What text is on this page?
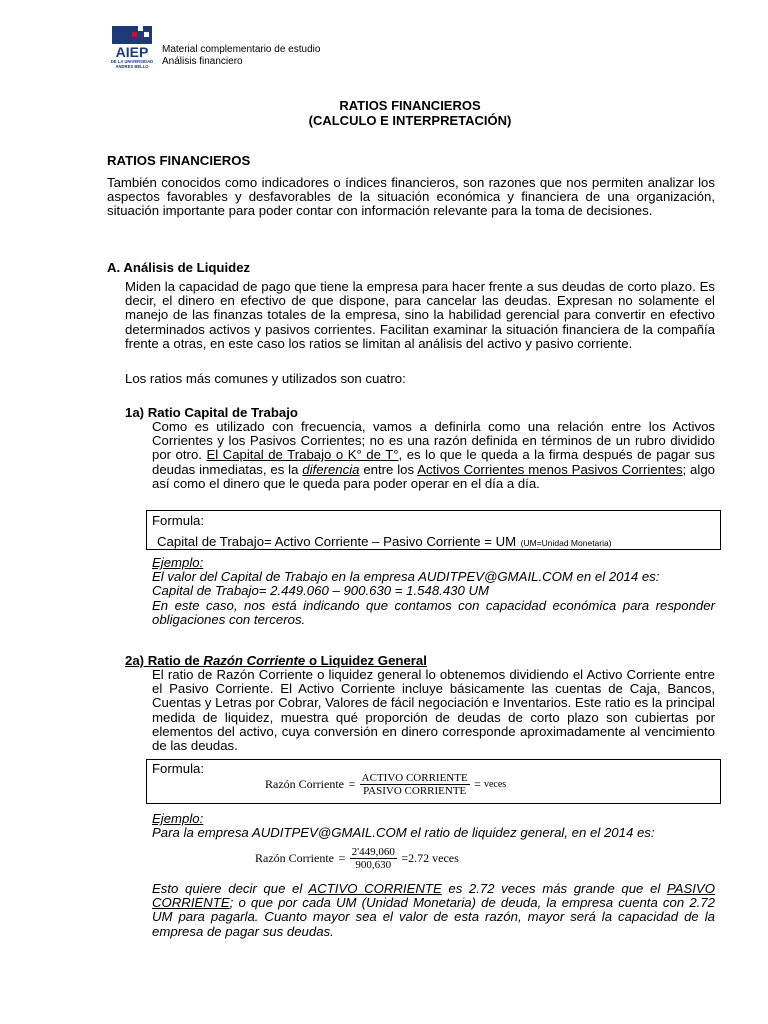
AIEP
DE LA UNIVERSIDAD ANDRES BELLO
Material complementario de estudio
Análisis financiero
RATIOS FINANCIEROS
(CALCULO E INTERPRETACIÓN)
RATIOS FINANCIEROS
También conocidos como indicadores o índices financieros, son razones que nos permiten analizar los aspectos favorables y desfavorables de la situación económica y financiera de una organización, situación importante para poder contar con información relevante para la toma de decisiones.
A. Análisis de Liquidez
Miden la capacidad de pago que tiene la empresa para hacer frente a sus deudas de corto plazo. Es decir, el dinero en efectivo de que dispone, para cancelar las deudas. Expresan no solamente el manejo de las finanzas totales de la empresa, sino la habilidad gerencial para convertir en efectivo determinados activos y pasivos corrientes. Facilitan examinar la situación financiera de la compañía frente a otras, en este caso los ratios se limitan al análisis del activo y pasivo corriente.
Los ratios más comunes y utilizados son cuatro:
1a) Ratio Capital de Trabajo
Como es utilizado con frecuencia, vamos a definirla como una relación entre los Activos Corrientes y los Pasivos Corrientes; no es una razón definida en términos de un rubro dividido por otro. El Capital de Trabajo o K° de T°, es lo que le queda a la firma después de pagar sus deudas inmediatas, es la diferencia entre los Activos Corrientes menos Pasivos Corrientes; algo así como el dinero que le queda para poder operar en el día a día.
Formula:
Capital de Trabajo= Activo Corriente – Pasivo Corriente = UM (UM=Unidad Monetaria)
Ejemplo:
El valor del Capital de Trabajo en la empresa AUDITPEV@GMAIL.COM en el 2014 es:
Capital de Trabajo= 2.449.060 – 900.630 = 1.548.430 UM
En este caso, nos está indicando que contamos con capacidad económica para responder obligaciones con terceros.
2a) Ratio de Razón Corriente o Liquidez General
El ratio de Razón Corriente o liquidez general lo obtenemos dividiendo el Activo Corriente entre el Pasivo Corriente. El Activo Corriente incluye básicamente las cuentas de Caja, Bancos, Cuentas y Letras por Cobrar, Valores de fácil negociación e Inventarios. Este ratio es la principal medida de liquidez, muestra qué proporción de deudas de corto plazo son cubiertas por elementos del activo, cuya conversión en dinero corresponde aproximadamente al vencimiento de las deudas.
Formula:
Razón Corriente = $\frac{\text{ACTIVO CORRIENTE}}{\text{PASIVO CORRIENTE}}$ = veces
Ejemplo:
Para la empresa AUDITPEV@GMAIL.COM el ratio de liquidez general, en el 2014 es:
Razón Corriente = $\frac{2'449,060}{900,630} =2.72$ veces
Esto quiere decir que el ACTIVO CORRIENTE es 2.72 veces más grande que el PASIVO CORRIENTE; o que por cada UM (Unidad Monetaria) de deuda, la empresa cuenta con 2.72 UM para pagarla. Cuanto mayor sea el valor de esta razón, mayor será la capacidad de la empresa de pagar sus deudas.
